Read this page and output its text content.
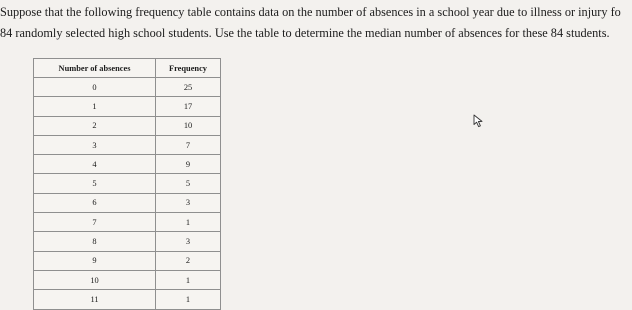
Suppose that the following frequency table contains data on the number of absences in a school year due to illness or injury fo
84 randomly selected high school students. Use the table to determine the median number of absences for these 84 students.
Number of absences	Frequency
0	25
1	17
2	10
3	7
4	9
5	5
6	3
7	1
8	3
9	2
10	1
11	1
